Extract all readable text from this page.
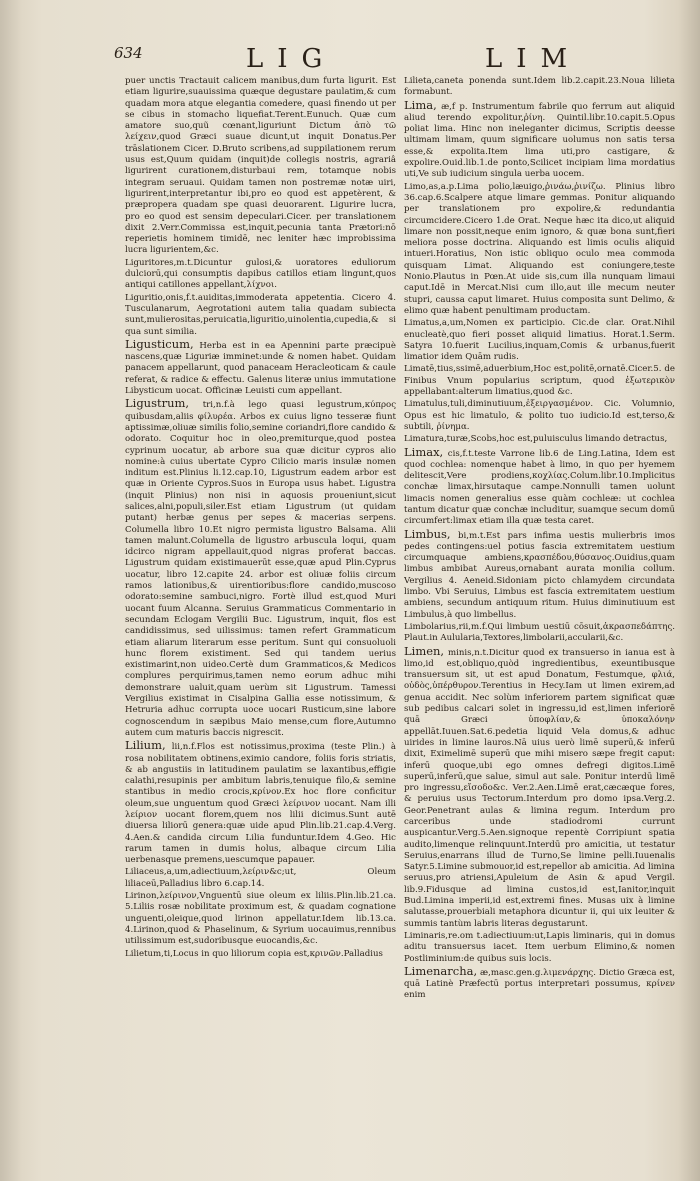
634	LIG	LIM

puer unctis Tractauit calicem manibus,dum furta ligurit. Est etiam ligurire,suauissima quæque degustare paulatim,& cum quadam mora atque elegantia comedere, quasi finendo ut per se cibus in stomacho liquefiat.Terent.Eunuch. Quæ cum amatore suo,quũ cœnant,liguriunt Dictum ἀπὸ τῶ λείχειν,quod Græci suaue dicunt,ut inquit Donatus.Per trāslationem Cicer. D.Bruto scribens,ad suppilationem rerum usus est,Quum quidam (inquit)de collegis nostris, agrariâ ligurirent curationem,disturbaui rem, totamque nobis integram seruaui. Quidam tamen non postremæ notæ uiri, ligurirent,interpretantur ibi,pro eo quod est appetèrent, & præpropera quadam spe quasi deuorarent. Ligurire lucra, pro eo quod est sensim depeculari.Cicer. per translationem dixit 2.Verr.Commissa est,inquit,pecunia tanta Prætori:nō reperietis hominem timidē, nec leniter hæc improbissima lucra ligurientem,&c.

Liguritores,m.t.Dicuntur gulosi,& uoratores eduliorum dulciorū,qui consumptis dapibus catillos etiam lingunt,quos antiqui catillones appellant,λίχνοι.

Liguritio,onis,f.t.auiditas,immoderata appetentia. Cicero 4. Tusculanarum, Aegrotationi autem talia quadam subiecta sunt,mulierositas,peruicatia,liguritio,uinolentia,cupedia,& si qua sunt similia.

Ligusticum, Herba est in ea Apennini parte præcipuè nascens,quæ Liguriæ imminet:unde & nomen habet. Quidam panacem appellarunt, quod panaceam Heracleoticam & caule referat, & radice & effectu. Galenus literæ unius immutatione Libysticum uocat. Officinæ Leuisti cum appellant.

Ligustrum, tri,n.f.à lego quasi legustrum,κύπρος quibusdam,aliis φίλυρέα. Arbos ex cuius ligno tesseræ fiunt aptissimæ,oliuæ similis folio,semine coriandri,flore candido & odorato. Coquitur hoc in oleo,premiturque,quod postea cyprinum uocatur, ab arbore sua quæ dicitur cypros alio nomine:à cuius ubertate Cypro Cilicio maris insulæ nomen inditum est.Plinius li.12.cap.10, Ligustrum eadem arbor est quæ in Oriente Cypros.Suos in Europa usus habet. Ligustra (inquit Plinius) non nisi in aquosis proueniunt,sicut salices,alni,populi,siler.Est etiam Ligustrum (ut quidam putant) herbæ genus per sepes & macerias serpens. Columella libro 10.Et nigro permista ligustro Balsama. Alii tamen malunt.Columella de ligustro arbuscula loqui, quam idcirco nigram appellauit,quod nigras proferat baccas. Ligustrum quidam existimauerūt esse,quæ apud Plin.Cyprus uocatur, libro 12.capite 24. arbor est oliuæ foliis circum ramos lationibus,& uirentioribus:flore candido,muscoso odorato:semine sambuci,nigro. Fortè illud est,quod Muri uocant fuum Alcanna. Seruius Grammaticus Commentario in secundam Eclogam Vergilii Buc. Ligustrum, inquit, flos est candidissimus, sed uilissimus: tamen refert Grammaticum etiam aliarum literarum esse peritum. Sunt qui consuoluoli hunc florem existiment. Sed qui tandem uerius existimarint,non uideo.Certè dum Grammaticos,& Medicos complures perquirimus,tamen nemo eorum adhuc mihi demonstrare ualuit,quam uerùm sit Ligustrum. Tamessi Vergilius existimat in Cisalpina Gallia esse notissimum, & Hetruria adhuc corrupta uoce uocari Rusticum,sine labore cognoscendum in sæpibus Maio mense,cum flore,Autumno autem cum maturis baccis nigrescit.

Lilium, lii,n.f.Flos est notissimus,proxima (teste Plin.) à rosa nobilitatem obtinens,eximio candore, foliis foris striatis, & ab angustiis in latitudinem paulatim se laxantibus,effigie calathi,resupinis per ambitum labris,tenuique filo,& semine stantibus in medio crocis,κρίνον.Ex hoc flore conficitur oleum,sue unguentum quod Græci λείρινον uocant. Nam illi λείριον uocant florem,quem nos lilii dicimus.Sunt autē diuersa liliorū genera:quæ uide apud Plin.lib.21.cap.4.Verg. 4.Aen.& candida circum Lilia funduntur.Idem 4.Geo. Hic rarum tamen in dumis holus, albaque circum Lilia uerbenasque premens,uescumque papauer.

Liliaceus,a,um,adiectiuum,λείριν&c;ut, Oleum liliaceū,Palladius libro 6.cap.14.

Lirinon,λείρινον,Vnguentū siue oleum ex liliis.Plin.lib.21.ca. 5.Liliis rosæ nobilitate proximum est, & quadam cognatione unguenti,oleique,quod lirinon appellatur.Idem lib.13.ca. 4.Lirinon,quod & Phaselinum, & Syrium uocauimus,rennibus utilissimum est,sudoribusque euocandis,&c.

Lilietum,ti,Locus in quo liliorum copia est,κρινῶν.Palladius

Lilieta,caneta ponenda sunt.Idem lib.2.capit.23.Noua lilieta formabunt.

Lima, æ,f p. Instrumentum fabrile quo ferrum aut aliquid aliud terendo expolitur,ῥίνη. Quintil.libr.10.capit.5.Opus poliat lima. Hinc non ineleganter dicimus, Scriptis deesse ultimam limam, quum significare uolumus non satis tersa esse,& expolita.Item lima uti,pro castigare, & expolire.Ouid.lib.1.de ponto,Scilicet incipiam lima mordatius uti,Ve sub iudicium singula uerba uocem.

Limo,as,a.p.Lima polio,læuigo,ῥινάω,ῥινίζω. Plinius libro 36.cap.6.Scalpere atque limare gemmas. Ponitur aliquando per translationem pro expolire,& redundantia circumcidere.Cicero 1.de Orat. Neque hæc ita dico,ut aliquid limare non possit,neque enim ignoro, & quæ bona sunt,fieri meliora posse doctrina. Aliquando est limis oculis aliquid intueri.Horatius, Non istic obliquo oculo mea commoda quisquam Limat. Aliquando est coniungere,teste Nonio.Plautus in Pœn.At uide sis,cum illa nunquam limaui caput.Idē in Mercat.Nisi cum illo,aut ille mecum neuter stupri, caussa caput limaret. Huius composita sunt Delimo, & elimo quæ habent penultimam productam.

Limatus,a,um,Nomen ex participio. Cic.de clar. Orat.Nihil enucleatè,quo fieri posset aliquid limatius. Horat.1.Serm. Satyra 10.fuerit Lucilius,inquam,Comis & urbanus,fuerit limatior idem Quām rudis.

Limatē,tius,ssimē,aduerbium,Hoc est,politē,ornatē.Cicer.5. de Finibus Vnum popularius scriptum, quod ἐξωτερικὸν appellabant:alterum limatius,quod &c.

Limatulus,tuli,diminutiuum,ἐξειργασμένον. Cic. Volumnio, Opus est hic limatulo, & polito tuo iudicio.Id est,terso,& subtili, ῥίνημα.

Limatura,turæ,Scobs,hoc est,puluisculus limando detractus,

Limax, cis,f.t.teste Varrone lib.6 de Ling.Latina, Idem est quod cochlea: nomenque habet à limo, in quo per hyemem delitescit,Vere prodiens,κοχλίας.Colum.libr.10.Implicitus conchæ limax,hirsutaque campe.Nonnulli tamen uolunt limacis nomen generalius esse quàm cochleæ: ut cochlea tantum dicatur quæ conchæ includitur, suamque secum domū circumfert:limax etiam illa quæ testa caret.

Limbus, bi,m.t.Est pars infima uestis mulierbris imos pedes contingens:uel potius fascia extremitatem uestium circumquaque ambiens,κρασπέδου,θύσανος.Ouidius,quam limbus ambibat Aureus,ornabant aurata monilia collum. Vergilius 4. Aeneid.Sidoniam picto chlamydem circundata limbo. Vbi Seruius, Limbus est fascia extremitatem uestium ambiens, secundum antiquum ritum. Huius diminutiuum est Limbulus,à quo limbellus.

Limbolarius,rii,m.f.Qui limbum uestiū cōsuit,ἀκρασπεδάπτης. Plaut.in Aulularia,Textores,limbolarii,accularii,&c.

Limen, minis,n.t.Dicitur quod ex transuerso in ianua est à limo,id est,obliquo,quòd ingredientibus, exeuntibusque transuersum sit, ut est apud Donatum, Festumque, φλιά, οὐδὸς,ὑπέρθυρον.Terentius in Hecy.Iam ut limen exirem,ad genua accidit. Nec solùm inferiorem partem significat quæ sub pedibus calcari solet in ingressu,id est,limen inferiorē quā Græci ὑποφλίαν,& ὑποκαλόνην appellāt.Iuuen.Sat.6.pedetia liquid Vela domus,& adhuc uirides in limine lauros.Nā uius uerò limē superū,& inferū dixit, Eximelimē superū que mihi misero sæpe fregit caput: inferū quoque,ubi ego omnes defregi digitos.Limē superū,inferū,que salue, simul aut sale. Ponitur interdū limē pro ingressu,εἴσοδο&c. Ver.2.Aen.Limē erat,cæcæque fores, & peruius usus Tectorum.Interdum pro domo ipsa.Verg.2. Geor.Penetrant aulas & limina regum. Interdum pro carceribus unde stadiodromi currunt auspicantur.Verg.5.Aen.signoque repentè Corripiunt spatia audito,limenque relinquunt.Interdū pro amicitia, ut testatur Seruius,enarrans illud de Turno,Se limine pelli.Iuuenalis Satyr.5.Limine submouor,id est,repellor ab amicitia. Ad limina seruus,pro atriensi,Apuleium de Asin & apud Vergil. lib.9.Fidusque ad limina custos,id est,Ianitor,inquit Bud.Limina imperii,id est,extremi fines. Musas uix à limine salutasse,prouerbiali metaphora dicuntur ii, qui uix leuiter & summis tantùm labris literas degustarunt.

Liminaris,re.om t.adiectiuum:ut,Lapis liminaris, qui in domus aditu transuersus iacet. Item uerbum Elimino,& nomen Postliminium:de quibus suis locis.

Limenarcha, æ,masc.gen.g.λιμενάρχης. Dictio Græca est, quā Latinè Præfectū portus interpretari possumus, κρίνεν enim
